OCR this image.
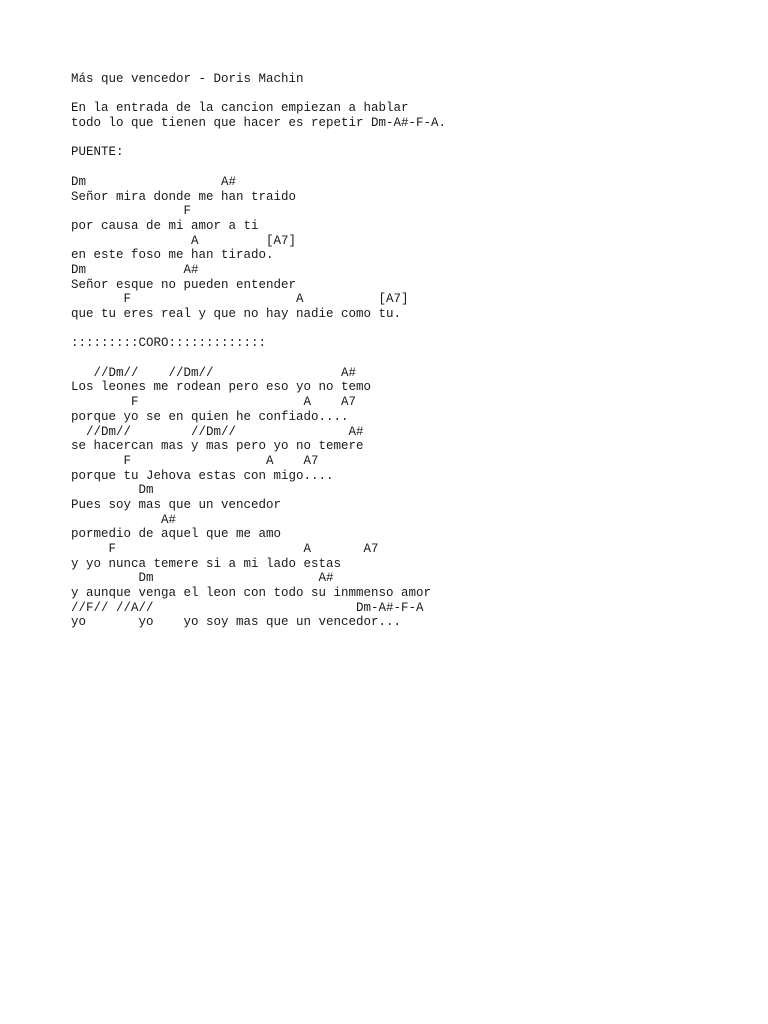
Más que vencedor - Doris Machin
En la entrada de la cancion empiezan a hablar
todo lo que tienen que hacer es repetir Dm-A#-F-A.
PUENTE:
Dm                  A#
Señor mira donde me han traido
F
por causa de mi amor a ti
A         [A7]
en este foso me han tirado.
Dm             A#
Señor esque no pueden entender
F                      A          [A7]
que tu eres real y que no hay nadie como tu.
:::::::::CORO:::::::::::::
//Dm//    //Dm//                 A#
Los leones me rodean pero eso yo no temo
F                      A    A7
porque yo se en quien he confiado....
//Dm//        //Dm//               A#
se hacercan mas y mas pero yo no temere
F                  A    A7
porque tu Jehova estas con migo....
Dm
Pues soy mas que un vencedor
A#
pormedio de aquel que me amo
F                         A       A7
y yo nunca temere si a mi lado estas
Dm                      A#
y aunque venga el leon con todo su inmmenso amor
//F// //A//                           Dm-A#-F-A
yo       yo    yo soy mas que un vencedor...
